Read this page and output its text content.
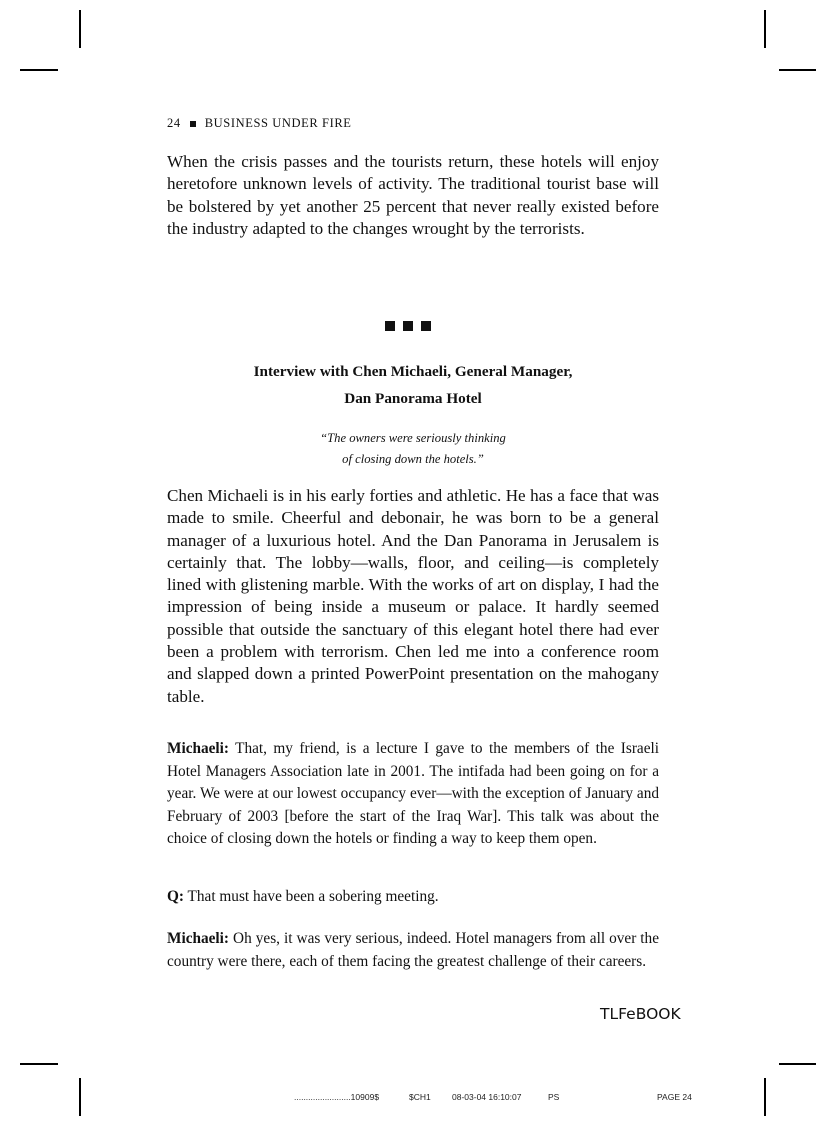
24 BUSINESS UNDER FIRE

When the crisis passes and the tourists return, these hotels will enjoy heretofore unknown levels of activity. The traditional tourist base will be bolstered by yet another 25 percent that never really existed before the industry adapted to the changes wrought by the terrorists.

Interview with Chen Michaeli, General Manager,
Dan Panorama Hotel
“The owners were seriously thinking
of closing down the hotels.”

Chen Michaeli is in his early forties and athletic. He has a face that was made to smile. Cheerful and debonair, he was born to be a general manager of a luxurious hotel. And the Dan Panorama in Jerusalem is certainly that. The lobby—walls, floor, and ceiling—is completely lined with glistening marble. With the works of art on display, I had the impression of being inside a museum or palace. It hardly seemed possible that outside the sanctuary of this elegant hotel there had ever been a problem with terrorism. Chen led me into a conference room and slapped down a printed PowerPoint presentation on the mahogany table.

Michaeli: That, my friend, is a lecture I gave to the members of the Israeli Hotel Managers Association late in 2001. The intifada had been going on for a year. We were at our lowest occupancy ever—with the exception of January and February of 2003 [before the start of the Iraq War]. This talk was about the choice of closing down the hotels or finding a way to keep them open.

Q: That must have been a sobering meeting.

Michaeli: Oh yes, it was very serious, indeed. Hotel managers from all over the country were there, each of them facing the greatest challenge of their careers.

TLFeBOOK
........................10909$	$CH1	08-03-04 16:10:07	PS	PAGE 24
